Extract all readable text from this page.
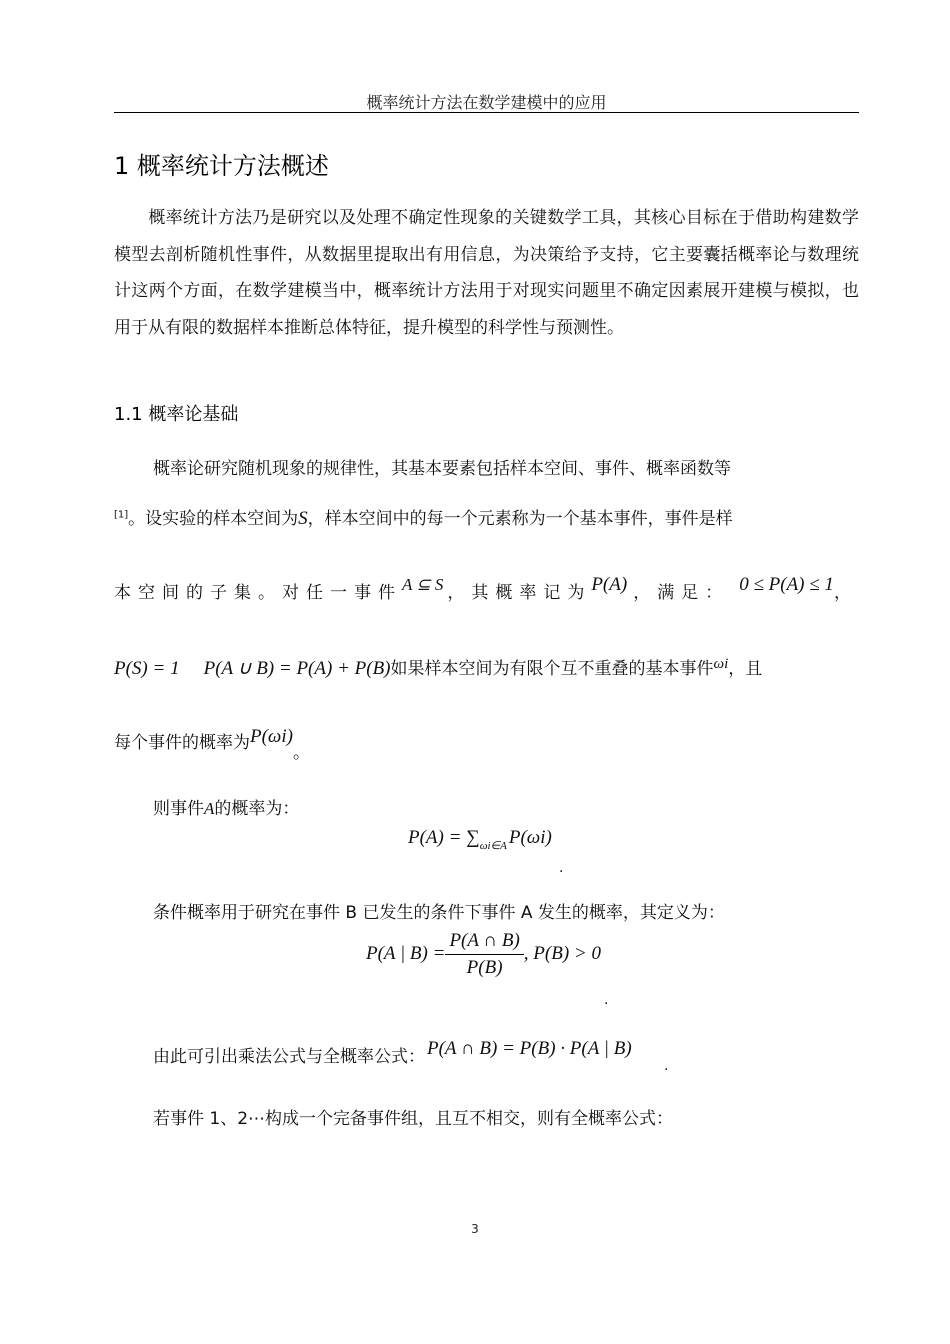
概率统计方法在数学建模中的应用
1 概率统计方法概述
概率统计方法乃是研究以及处理不确定性现象的关键数学工具，其核心目标在于借助构建数学模型去剖析随机性事件，从数据里提取出有用信息，为决策给予支持，它主要囊括概率论与数理统计这两个方面，在数学建模当中，概率统计方法用于对现实问题里不确定因素展开建模与模拟，也用于从有限的数据样本推断总体特征，提升模型的科学性与预测性。
1.1 概率论基础
概率论研究随机现象的规律性，其基本要素包括样本空间、事件、概率函数等
[1]。设实验的样本空间为S，样本空间中的每一个元素称为一个基本事件，事件是样
本空间的子集。对任一事件A ⊆ S ，其概率记为P(A) ，满足： 0 ≤ P(A) ≤ 1，
P(S) = 1 P(A ∪ B) = P(A) + P(B)如果样本空间为有限个互不重叠的基本事件ωi，且
每个事件的概率为P(ωi)。
则事件A的概率为：
$P(A) = \sum_{\omega i\in A}$ P(ωi)
.
条件概率用于研究在事件 B 已发生的条件下事件 A 发生的概率，其定义为：
P(A | $B) = \frac{P(A \cap B)}{P(B)}$ , P(B) > 0
.
由此可引出乘法公式与全概率公式： P(A ∩ B) = P(B) · P(A | B)
.
若事件 1、2⋯构成一个完备事件组，且互不相交，则有全概率公式：
3
